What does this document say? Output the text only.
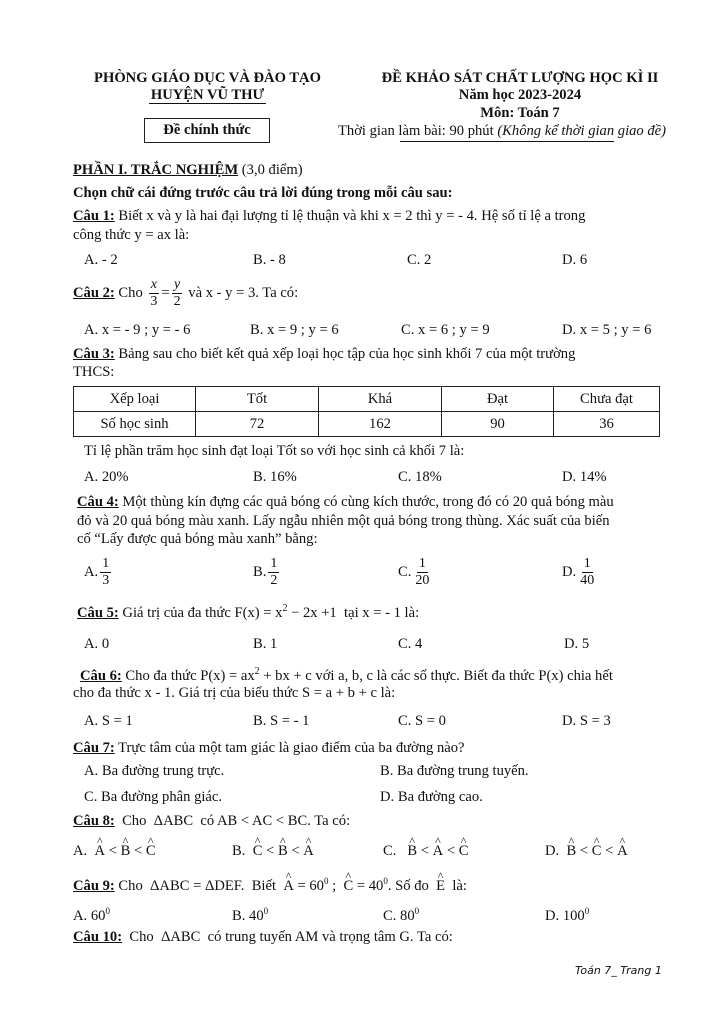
PHÒNG GIÁO DỤC VÀ ĐÀO TẠO
HUYỆN VŨ THƯ
Đề chính thức
ĐỀ KHẢO SÁT CHẤT LƯỢNG HỌC KÌ II
Năm học 2023-2024
Môn: Toán 7
Thời gian làm bài: 90 phút (Không kể thời gian giao đề)
PHẦN I. TRẮC NGHIỆM (3,0 điểm)
Chọn chữ cái đứng trước câu trả lời đúng trong mỗi câu sau:
Câu 1: Biết x và y là hai đại lượng tỉ lệ thuận và khi x = 2 thì y = - 4. Hệ số tỉ lệ a trong
công thức y = ax là:
A. - 2	B. - 8	C. 2	D. 6
Câu 2: Cho $\frac{x}{3} = \frac{y}{2}$ và x - y = 3. Ta có:
A. x = - 9 ; y = - 6	B. x = 9 ; y = 6	C. x = 6 ; y = 9	D. x = 5 ; y = 6
Câu 3: Bảng sau cho biết kết quả xếp loại học tập của học sinh khối 7 của một trường
THCS:
Xếp loại	Tốt	Khá	Đạt	Chưa đạt
Số học sinh	72	162	90	36
Tỉ lệ phần trăm học sinh đạt loại Tốt so với học sinh cả khối 7 là:
A. 20%	B. 16%	C. 18%	D. 14%
Câu 4: Một thùng kín đựng các quả bóng có cùng kích thước, trong đó có 20 quả bóng màu
đỏ và 20 quả bóng màu xanh. Lấy ngẫu nhiên một quả bóng trong thùng. Xác suất của biến
cố “Lấy được quả bóng màu xanh” bằng:
A. $\frac{1}{3}$	B. $\frac{1}{2}$	C. $\frac{1}{20}$	D. $\frac{1}{40}$
Câu 5: Giá trị của đa thức $F(x) = x^2 - 2x +1$  tại x = - 1 là:
A. 0	B. 1	C. 4	D. 5
Câu 6: Cho đa thức $P(x) = ax^2$ + bx + c với a, b, c là các số thực. Biết đa thức P(x) chia hết
cho đa thức x - 1. Giá trị của biểu thức S = a + b + c là:
A. S = 1	B. S = - 1	C. S = 0	D. S = 3
Câu 7: Trực tâm của một tam giác là giao điểm của ba đường nào?
A. Ba đường trung trực.	B. Ba đường trung tuyến.
C. Ba đường phân giác.	D. Ba đường cao.
Câu 8:  Cho  ΔABC  có AB < AC < BC. Ta có:
A. ^ A < ^ B < ^ C	B. ^ C < ^ B < ^ A	C. ^ B < ^ A < ^ C	D. ^ B < ^ C < ^ A
Câu 9: Cho  ΔABC = ΔDEF.  Biết  ^ $A = 60^0$ ;  ^ $C = 40^0$. Số đo  ^ E  là:
A. $60^0$	B. $40^0$	C. $80^0$	D. $100^0$
Câu 10:  Cho  ΔABC  có trung tuyến AM và trọng tâm G. Ta có:
Toán 7_ Trang 1
